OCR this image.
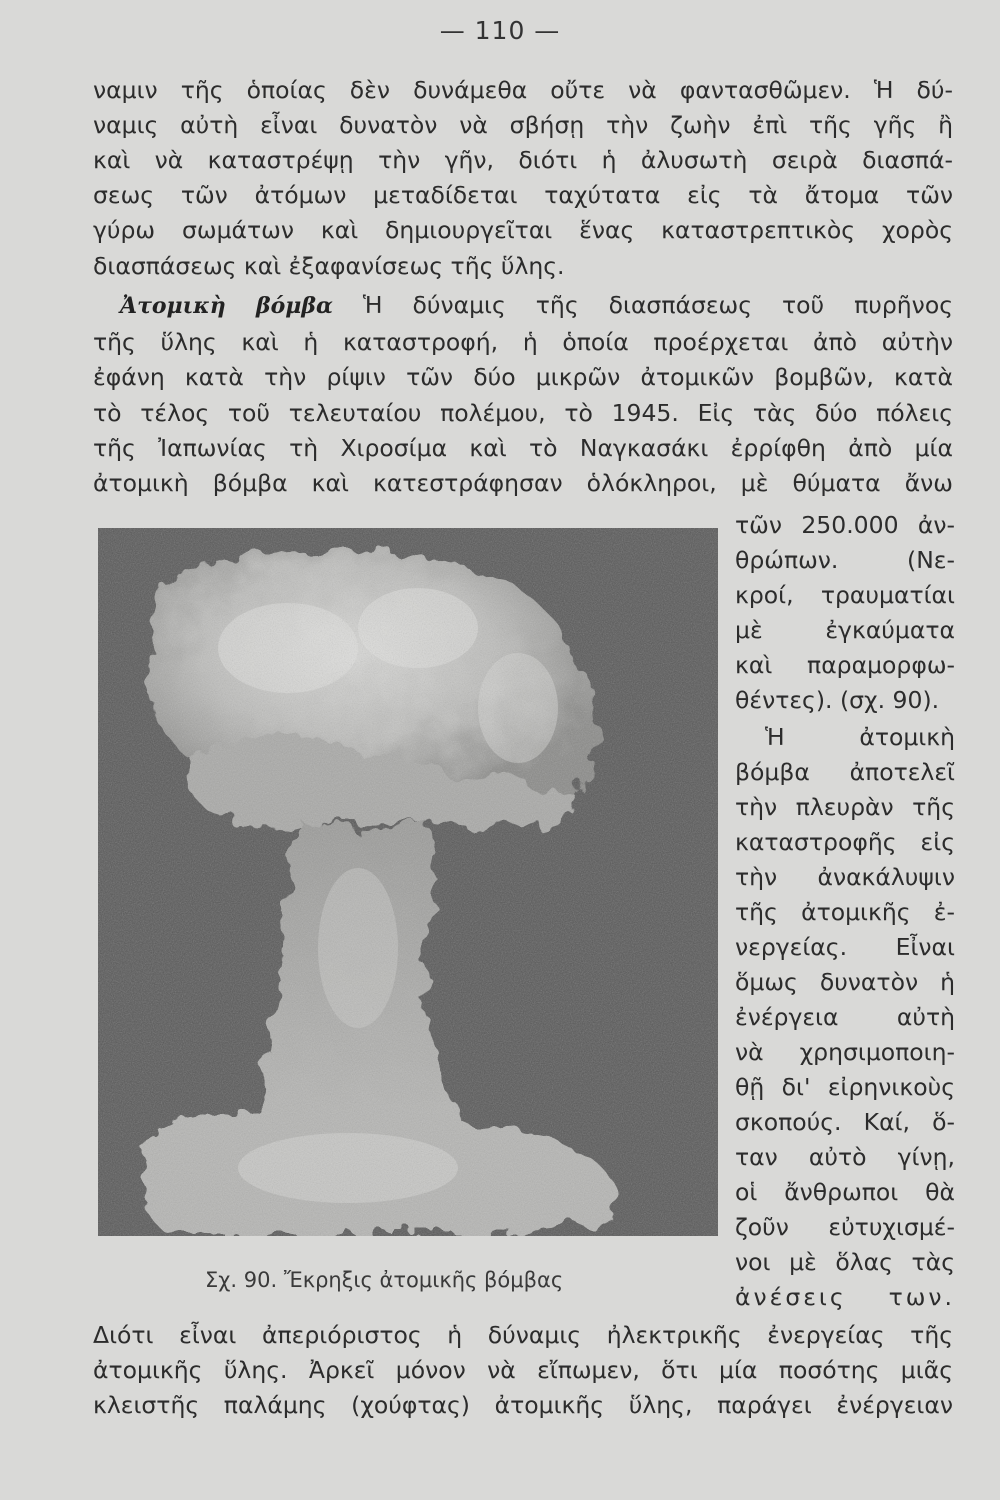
— 110 —
ναμιν τῆς ὁποίας δὲν δυνάμεθα οὔτε νὰ φαντασθῶμεν. Ἡ δύ-
ναμις αὐτὴ εἶναι δυνατὸν νὰ σβήσῃ τὴν ζωὴν ἐπὶ τῆς γῆς ἢ
καὶ νὰ καταστρέψῃ τὴν γῆν, διότι ἡ ἀλυσωτὴ σειρὰ διασπά-
σεως τῶν ἀτόμων μεταδίδεται ταχύτατα εἰς τὰ ἄτομα τῶν
γύρω σωμάτων καὶ δημιουργεῖται ἕνας καταστρεπτικὸς χορὸς
διασπάσεως καὶ ἐξαφανίσεως τῆς ὕλης.
Ἀτομικὴ βόμβα Ἡ δύναμις τῆς διασπάσεως τοῦ πυρῆνος
τῆς ὕλης καὶ ἡ καταστροφή, ἡ ὁποία προέρχεται ἀπὸ αὐτὴν
ἐφάνη κατὰ τὴν ρίψιν τῶν δύο μικρῶν ἀτομικῶν βομβῶν, κατὰ
τὸ τέλος τοῦ τελευταίου πολέμου, τὸ 1945. Εἰς τὰς δύο πόλεις
τῆς Ἰαπωνίας τὴ Χιροσίμα καὶ τὸ Ναγκασάκι ἐρρίφθη ἀπὸ μία
ἀτομικὴ βόμβα καὶ κατεστράφησαν ὁλόκληροι, μὲ θύματα ἄνω
Σχ. 90. Ἔκρηξις ἀτομικῆς βόμβας
τῶν 250.000 ἀν-
θρώπων. (Νε-
κροί, τραυματίαι
μὲ ἐγκαύματα
καὶ παραμορφω-
θέντες). (σχ. 90).
Ἡ ἀτομικὴ
βόμβα ἀποτελεῖ
τὴν πλευρὰν τῆς
καταστροφῆς εἰς
τὴν ἀνακάλυψιν
τῆς ἀτομικῆς ἐ-
νεργείας. Εἶναι
ὅμως δυνατὸν ἡ
ἐνέργεια αὐτὴ
νὰ χρησιμοποιη-
θῇ δι' εἰρηνικοὺς
σκοπούς. Καί, ὅ-
ταν αὐτὸ γίνῃ,
οἱ ἄνθρωποι θὰ
ζοῦν εὐτυχισμέ-
νοι μὲ ὅλας τὰς
ἀνέσεις των.
Διότι εἶναι ἀπεριόριστος ἡ δύναμις ἠλεκτρικῆς ἐνεργείας τῆς
ἀτομικῆς ὕλης. Ἀρκεῖ μόνον νὰ εἴπωμεν, ὅτι μία ποσότης μιᾶς
κλειστῆς παλάμης (χούφτας) ἀτομικῆς ὕλης, παράγει ἐνέργειαν
